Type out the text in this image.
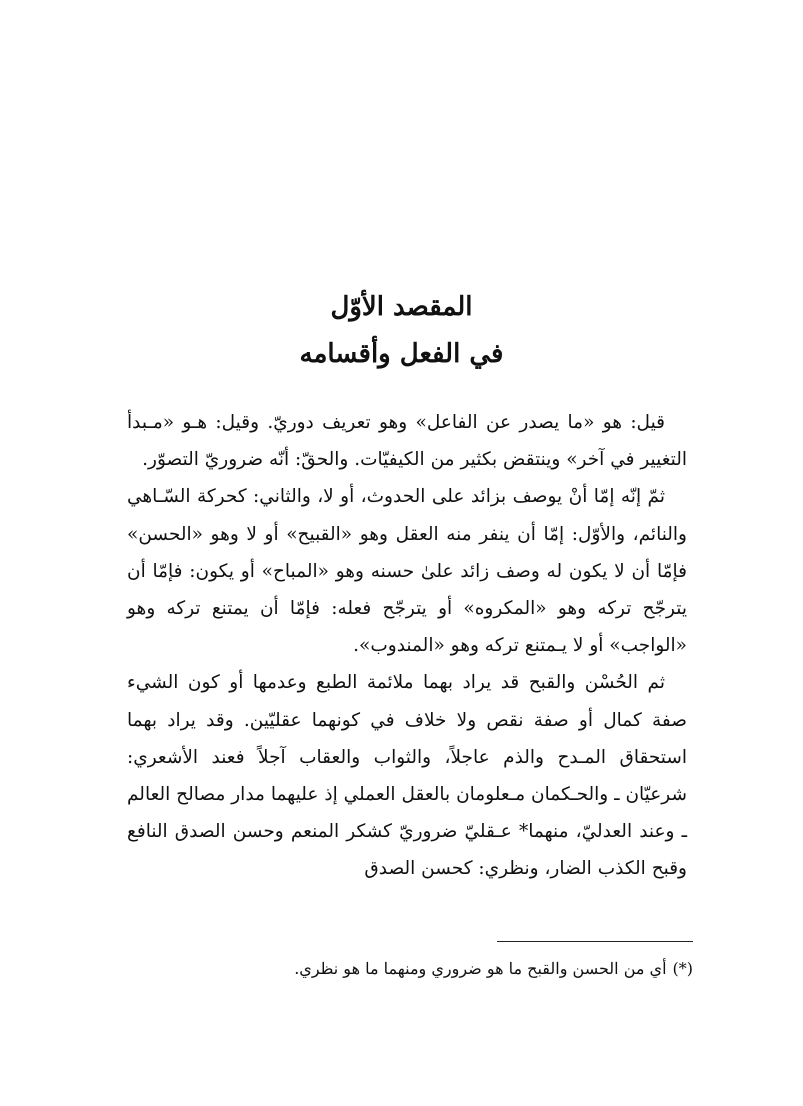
المقصد الأوّل
في الفعل وأقسامه

قيل: هو «ما يصدر عن الفاعل» وهو تعريف دوريّ. وقيل: هـو «مـبدأ التغيير في آخر» وينتقض بكثير من الكيفيّات. والحقّ: أنّه ضروريّ التصوّر.

ثمّ إنّه إمّا أنْ يوصف بزائد على الحدوث، أو لا، والثاني: كحركة السّـاهي والنائم، والأوّل: إمّا أن ينفر منه العقل وهو «القبيح» أو لا وهو «الحسن» فإمّا أن لا يكون له وصف زائد علىٰ حسنه وهو «المباح» أو يكون: فإمّا أن يترجّح تركه وهو «المكروه» أو يترجّح فعله: فإمّا أن يمتنع تركه وهو «الواجب» أو لا يـمتنع تركه وهو «المندوب».

ثم الحُسْن والقبح قد يراد بهما ملائمة الطبع وعدمها أو كون الشيء صفة كمال أو صفة نقص ولا خلاف في كونهما عقليّين. وقد يراد بهما استحقاق المـدح والذم عاجلاً، والثواب والعقاب آجلاً فعند الأشعري: شرعيّان ـ والحـكمان مـعلومان بالعقل العملي إذ عليهما مدار مصالح العالم ـ وعند العدليّ، منهما* عـقليّ ضروريّ كشكر المنعم وحسن الصدق النافع وقبح الكذب الضار، ونظري: كحسن الصدق

(*)أي من الحسن والقبح ما هو ضروري ومنهما ما هو نظري.
